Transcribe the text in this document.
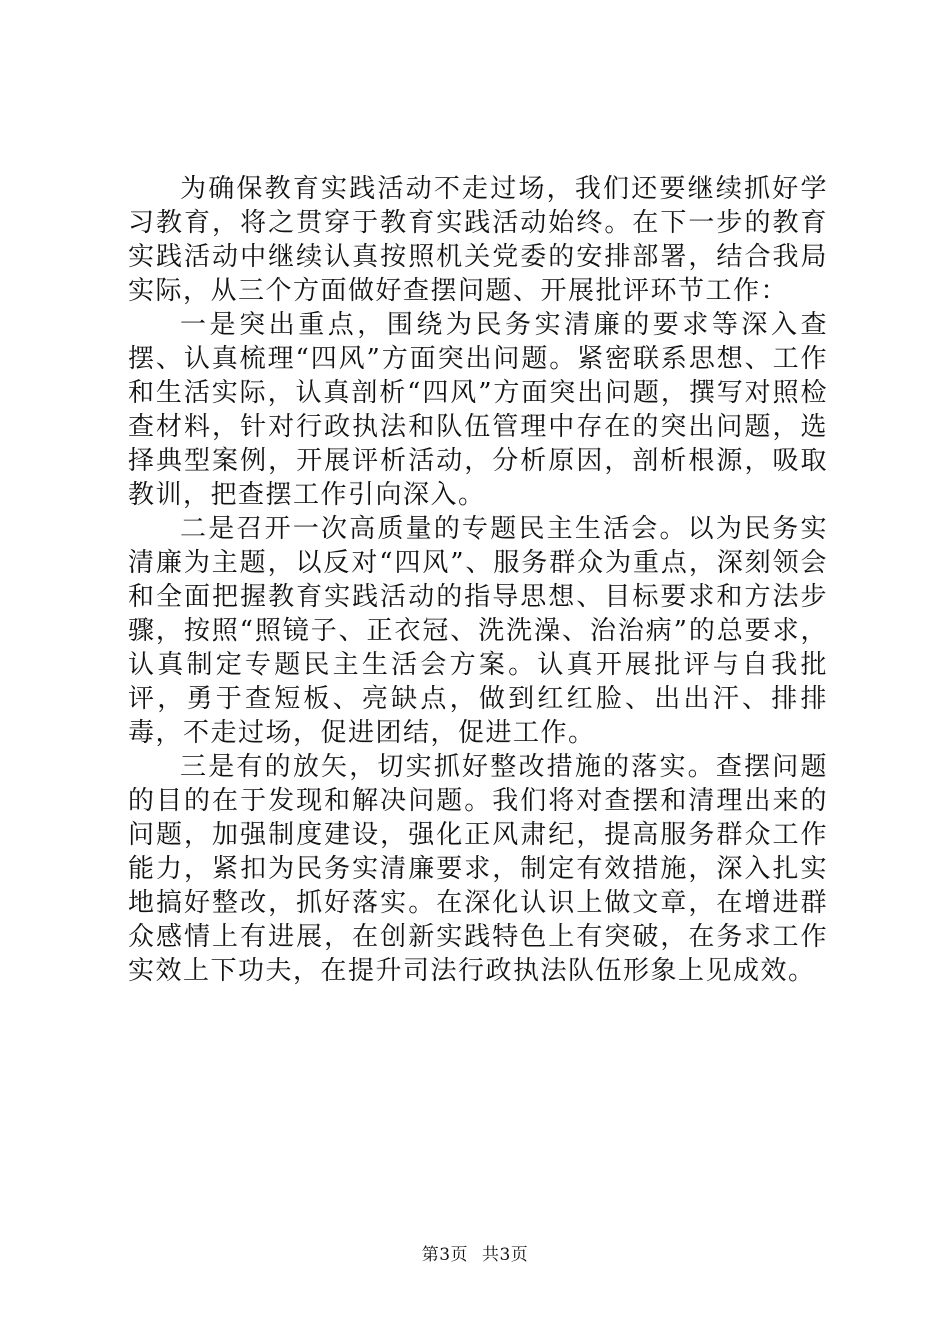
为确保教育实践活动不走过场，我们还要继续抓好学习教育，将之贯穿于教育实践活动始终。在下一步的教育实践活动中继续认真按照机关党委的安排部署，结合我局实际，从三个方面做好查摆问题、开展批评环节工作：

一是突出重点，围绕为民务实清廉的要求等深入查摆、认真梳理“四风”方面突出问题。紧密联系思想、工作和生活实际，认真剖析“四风”方面突出问题，撰写对照检查材料，针对行政执法和队伍管理中存在的突出问题，选择典型案例，开展评析活动，分析原因，剖析根源，吸取教训，把查摆工作引向深入。

二是召开一次高质量的专题民主生活会。以为民务实清廉为主题，以反对“四风”、服务群众为重点，深刻领会和全面把握教育实践活动的指导思想、目标要求和方法步骤，按照“照镜子、正衣冠、洗洗澡、治治病”的总要求，认真制定专题民主生活会方案。认真开展批评与自我批评，勇于查短板、亮缺点，做到红红脸、出出汗、排排毒，不走过场，促进团结，促进工作。

三是有的放矢，切实抓好整改措施的落实。查摆问题的目的在于发现和解决问题。我们将对查摆和清理出来的问题，加强制度建设，强化正风肃纪，提高服务群众工作能力，紧扣为民务实清廉要求，制定有效措施，深入扎实地搞好整改，抓好落实。在深化认识上做文章，在增进群众感情上有进展，在创新实践特色上有突破，在务求工作实效上下功夫，在提升司法行政执法队伍形象上见成效。

第3页 共3页
